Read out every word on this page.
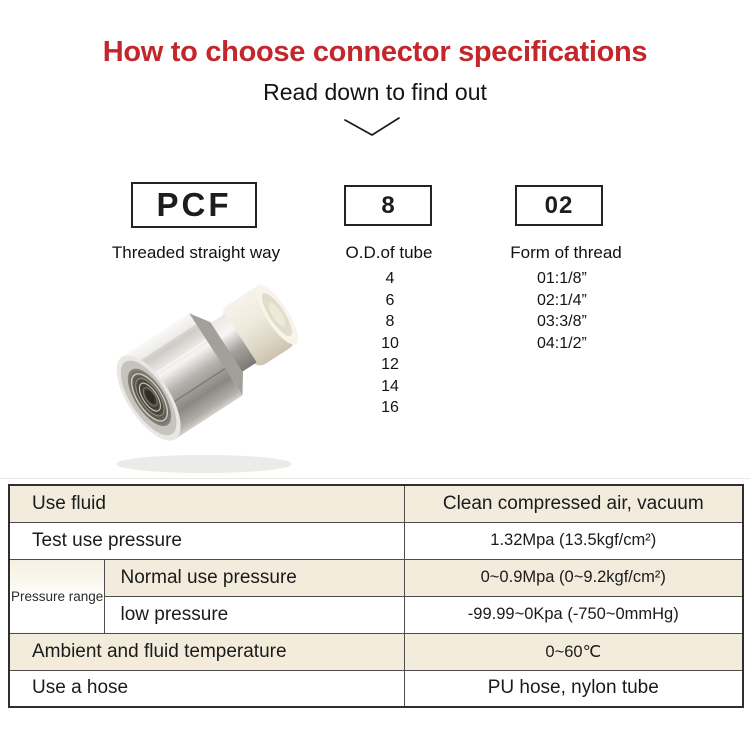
How to choose connector specifications
Read down to find out
PCF	8	02
Threaded straight way	O.D.of tube	Form of thread
4
6
8
10
12
14
16
01:1/8”
02:1/4”
03:3/8”
04:1/2”
Use fluid		Clean compressed air, vacuum
Test use pressure		1.32Mpa (13.5kgf/cm²)
Pressure range	Normal use pressure	0~0.9Mpa (0~9.2kgf/cm²)
	low pressure	-99.99~0Kpa (-750~0mmHg)
Ambient and fluid temperature		0~60℃
Use a hose		PU hose, nylon tube
